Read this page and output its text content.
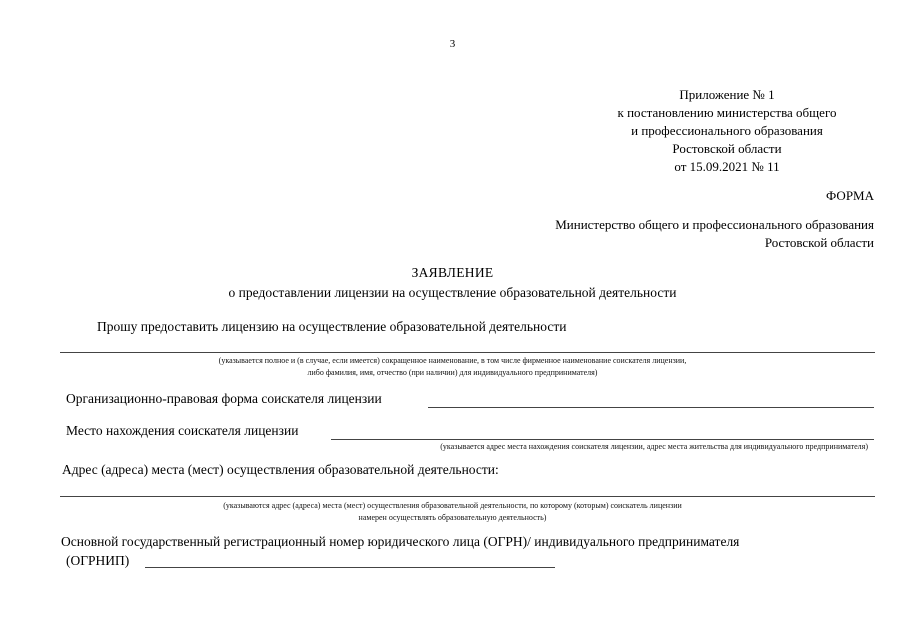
3
Приложение № 1
к постановлению министерства общего
и профессионального образования
Ростовской области
от 15.09.2021 № 11
ФОРМА
Министерство общего и профессионального образования
Ростовской области
ЗАЯВЛЕНИЕ
о предоставлении лицензии на осуществление образовательной деятельности
Прошу предоставить лицензию на осуществление образовательной деятельности
(указывается полное и (в случае, если имеется) сокращенное наименование, в том числе фирменное наименование соискателя лицензии,
либо фамилия, имя, отчество (при наличии) для индивидуального предпринимателя)
Организационно-правовая форма соискателя лицензии
Место нахождения соискателя лицензии
(указывается адрес места нахождения соискателя лицензии, адрес места жительства для индивидуального предпринимателя)
Адрес (адреса) места (мест) осуществления образовательной деятельности:
(указываются адрес (адреса) места (мест) осуществления образовательной деятельности, по которому (которым) соискатель лицензии
намерен осуществлять образовательную деятельность)
Основной государственный регистрационный номер юридического лица (ОГРН)/ индивидуального предпринимателя
(ОГРНИП)
